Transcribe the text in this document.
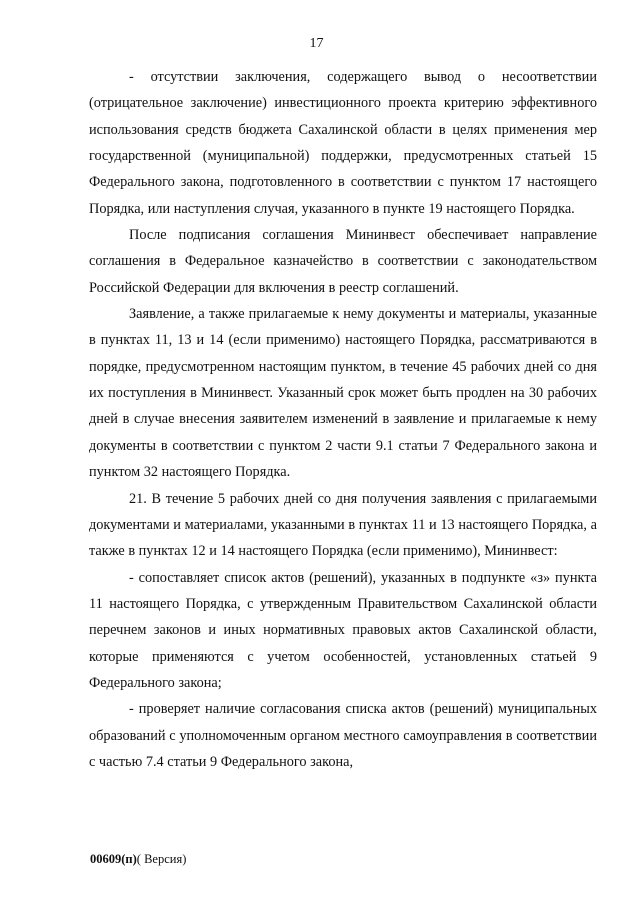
17

- отсутствии заключения, содержащего вывод о несоответствии (отрицательное заключение) инвестиционного проекта критерию эффективного использования средств бюджета Сахалинской области в целях применения мер государственной (муниципальной) поддержки, предусмотренных статьей 15 Федерального закона, подготовленного в соответствии с пунктом 17 настоящего Порядка, или наступления случая, указанного в пункте 19 настоящего Порядка.

После подписания соглашения Мининвест обеспечивает направление соглашения в Федеральное казначейство в соответствии с законодательством Российской Федерации для включения в реестр соглашений.

Заявление, а также прилагаемые к нему документы и материалы, указанные в пунктах 11, 13 и 14 (если применимо) настоящего Порядка, рассматриваются в порядке, предусмотренном настоящим пунктом, в течение 45 рабочих дней со дня их поступления в Мининвест. Указанный срок может быть продлен на 30 рабочих дней в случае внесения заявителем изменений в заявление и прилагаемые к нему документы в соответствии с пунктом 2 части 9.1 статьи 7 Федерального закона и пунктом 32 настоящего Порядка.

21. В течение 5 рабочих дней со дня получения заявления с прилагаемыми документами и материалами, указанными в пунктах 11 и 13 настоящего Порядка, а также в пунктах 12 и 14 настоящего Порядка (если применимо), Мининвест:

- сопоставляет список актов (решений), указанных в подпункте «з» пункта 11 настоящего Порядка, с утвержденным Правительством Сахалинской области перечнем законов и иных нормативных правовых актов Сахалинской области, которые применяются с учетом особенностей, установленных статьей 9 Федерального закона;

- проверяет наличие согласования списка актов (решений) муниципальных образований с уполномоченным органом местного самоуправления в соответствии с частью 7.4 статьи 9 Федерального закона,

00609(п)( Версия)
